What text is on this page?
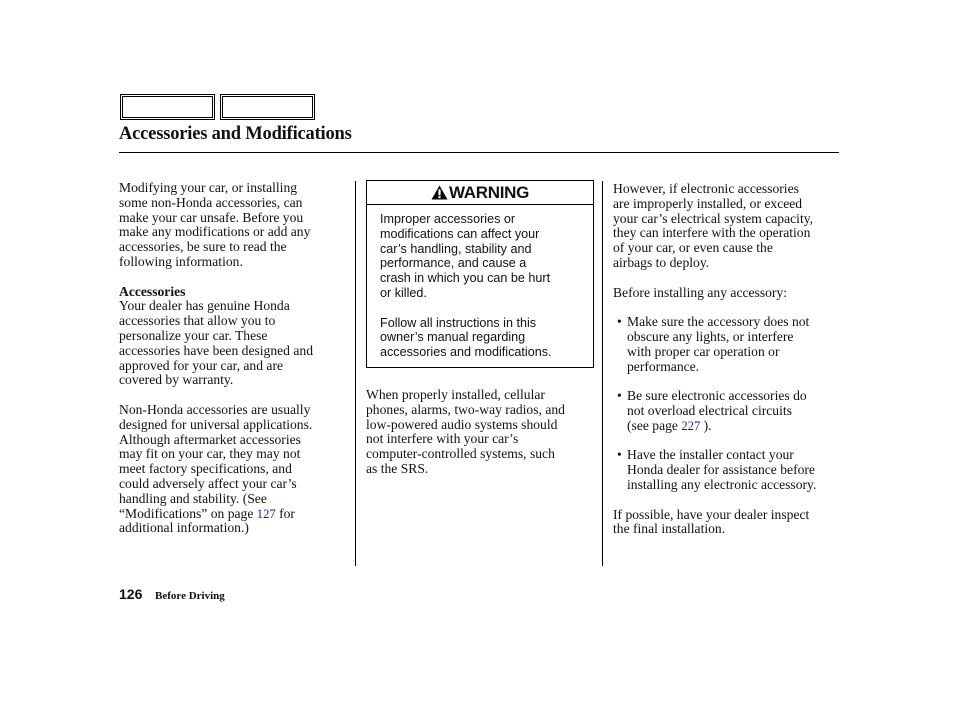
Accessories and Modifications

Modifying your car, or installing
some non-Honda accessories, can
make your car unsafe. Before you
make any modifications or add any
accessories, be sure to read the
following information.

Accessories

Your dealer has genuine Honda
accessories that allow you to
personalize your car. These
accessories have been designed and
approved for your car, and are
covered by warranty.

Non-Honda accessories are usually
designed for universal applications.
Although aftermarket accessories
may fit on your car, they may not
meet factory specifications, and
could adversely affect your car’s
handling and stability. (See
“Modifications” on page 127 for
additional information.)

WARNING

Improper accessories or
modifications can affect your
car’s handling, stability and
performance, and cause a
crash in which you can be hurt
or killed.

Follow all instructions in this
owner’s manual regarding
accessories and modifications.

When properly installed, cellular
phones, alarms, two-way radios, and
low-powered audio systems should
not interfere with your car’s
computer-controlled systems, such
as the SRS.

However, if electronic accessories
are improperly installed, or exceed
your car’s electrical system capacity,
they can interfere with the operation
of your car, or even cause the
airbags to deploy.

Before installing any accessory:

• Make sure the accessory does not
obscure any lights, or interfere
with proper car operation or
performance.

• Be sure electronic accessories do
not overload electrical circuits
(see page 227 ).

• Have the installer contact your
Honda dealer for assistance before
installing any electronic accessory.

If possible, have your dealer inspect
the final installation.

126 Before Driving
